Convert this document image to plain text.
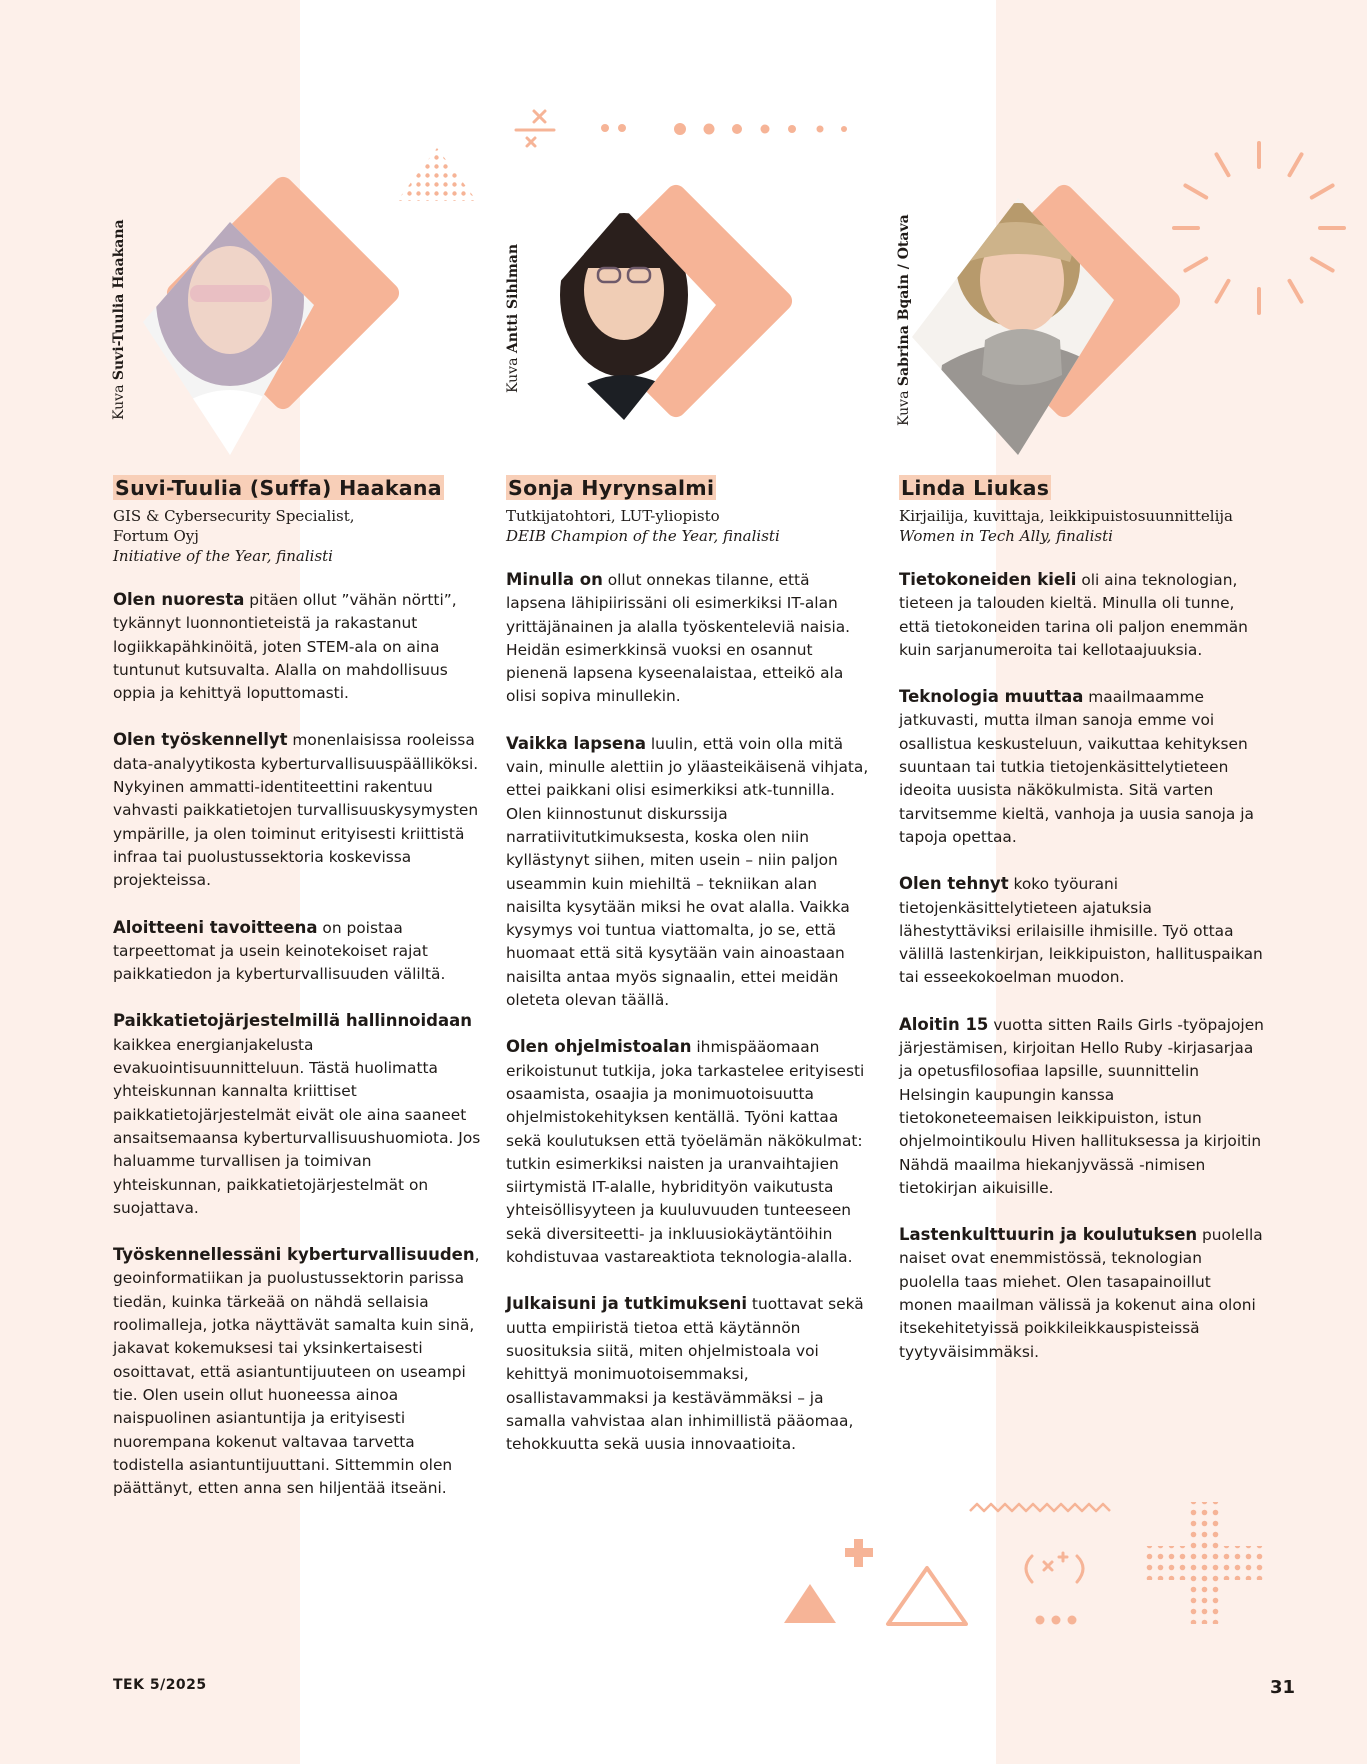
Kuva Suvi-Tuulia Haakana	Kuva Antti Sihlman
Kuva Sabrina Bqain / Otava
Suvi-Tuulia (Suffa) Haakana
GIS & Cybersecurity Specialist,
Fortum Oyj
Initiative of the Year, finalisti

Olen nuoresta pitäen ollut ”vähän nörtti”, tykännyt luonnontieteistä ja rakastanut logiikkapähkinöitä, joten STEM-ala on aina tuntunut kutsuvalta. Alalla on mahdollisuus oppia ja kehittyä loputtomasti.

Olen työskennellyt monenlaisissa rooleissa data-analyytikosta kyberturvallisuuspäälliköksi. Nykyinen ammatti-identiteettini rakentuu vahvasti paikkatietojen turvallisuuskysymysten ympärille, ja olen toiminut erityisesti kriittistä infraa tai puolustussektoria koskevissa projekteissa.

Aloitteeni tavoitteena on poistaa tarpeettomat ja usein keinotekoiset rajat paikkatiedon ja kyberturvallisuuden väliltä.

Paikkatietojärjestelmillä hallinnoidaan kaikkea energianjakelusta evakuointisuunnitteluun. Tästä huolimatta yhteiskunnan kannalta kriittiset paikkatietojärjestelmät eivät ole aina saaneet ansaitsemaansa kyberturvallisuushuomiota. Jos haluamme turvallisen ja toimivan yhteiskunnan, paikkatietojärjestelmät on suojattava.

Työskennellessäni kyberturvallisuuden, geoinformatiikan ja puolustussektorin parissa tiedän, kuinka tärkeää on nähdä sellaisia roolimalleja, jotka näyttävät samalta kuin sinä, jakavat kokemuksesi tai yksinkertaisesti osoittavat, että asiantuntijuuteen on useampi tie. Olen usein ollut huoneessa ainoa naispuolinen asiantuntija ja erityisesti nuorempana kokenut valtavaa tarvetta todistella asiantuntijuuttani. Sittemmin olen päättänyt, etten anna sen hiljentää itseäni.

Sonja Hyrynsalmi
Tutkijatohtori, LUT-yliopisto
DEIB Champion of the Year, finalisti

Minulla on ollut onnekas tilanne, että lapsena lähipiirissäni oli esimerkiksi IT-alan yrittäjänainen ja alalla työskenteleviä naisia. Heidän esimerkkinsä vuoksi en osannut pienenä lapsena kyseenalaistaa, etteikö ala olisi sopiva minullekin.

Vaikka lapsena luulin, että voin olla mitä vain, minulle alettiin jo yläasteikäisenä vihjata, ettei paikkani olisi esimerkiksi atk-tunnilla. Olen kiinnostunut diskurssija narratiivitutkimuksesta, koska olen niin kyllästynyt siihen, miten usein – niin paljon useammin kuin miehiltä – tekniikan alan naisilta kysytään miksi he ovat alalla. Vaikka kysymys voi tuntua viattomalta, jo se, että huomaat että sitä kysytään vain ainoastaan naisilta antaa myös signaalin, ettei meidän oleteta olevan täällä.

Olen ohjelmistoalan ihmispääomaan erikoistunut tutkija, joka tarkastelee erityisesti osaamista, osaajia ja monimuotoisuutta ohjelmistokehityksen kentällä. Työni kattaa sekä koulutuksen että työelämän näkökulmat: tutkin esimerkiksi naisten ja uranvaihtajien siirtymistä IT-alalle, hybridityön vaikutusta yhteisöllisyyteen ja kuuluvuuden tunteeseen sekä diversiteetti- ja inkluusiokäytäntöihin kohdistuvaa vastareaktiota teknologia-alalla.

Julkaisuni ja tutkimukseni tuottavat sekä uutta empiiristä tietoa että käytännön suosituksia siitä, miten ohjelmistoala voi kehittyä monimuotoisemmaksi, osallistavammaksi ja kestävämmäksi – ja samalla vahvistaa alan inhimillistä pääomaa, tehokkuutta sekä uusia innovaatioita.

Linda Liukas
Kirjailija, kuvittaja, leikkipuistosuunnittelija
Women in Tech Ally, finalisti

Tietokoneiden kieli oli aina teknologian, tieteen ja talouden kieltä. Minulla oli tunne, että tietokoneiden tarina oli paljon enemmän kuin sarjanumeroita tai kellotaajuuksia.

Teknologia muuttaa maailmaamme jatkuvasti, mutta ilman sanoja emme voi osallistua keskusteluun, vaikuttaa kehityksen suuntaan tai tutkia tietojenkäsittelytieteen ideoita uusista näkökulmista. Sitä varten tarvitsemme kieltä, vanhoja ja uusia sanoja ja tapoja opettaa.

Olen tehnyt koko työurani tietojenkäsittelytieteen ajatuksia lähestyttäviksi erilaisille ihmisille. Työ ottaa välillä lastenkirjan, leikkipuiston, hallituspaikan tai esseekokoelman muodon.

Aloitin 15 vuotta sitten Rails Girls -työpajojen järjestämisen, kirjoitan Hello Ruby -kirjasarjaa ja opetusfilosofiaa lapsille, suunnittelin Helsingin kaupungin kanssa tietokoneteemaisen leikkipuiston, istun ohjelmointikoulu Hiven hallituksessa ja kirjoitin Nähdä maailma hiekanjyvässä -nimisen tietokirjan aikuisille.

Lastenkulttuurin ja koulutuksen puolella naiset ovat enemmistössä, teknologian puolella taas miehet. Olen tasapainoillut monen maailman välissä ja kokenut aina oloni itsekehitetyissä poikkileikkauspisteissä tyytyväisimmäksi.

TEK 5/2025	31
